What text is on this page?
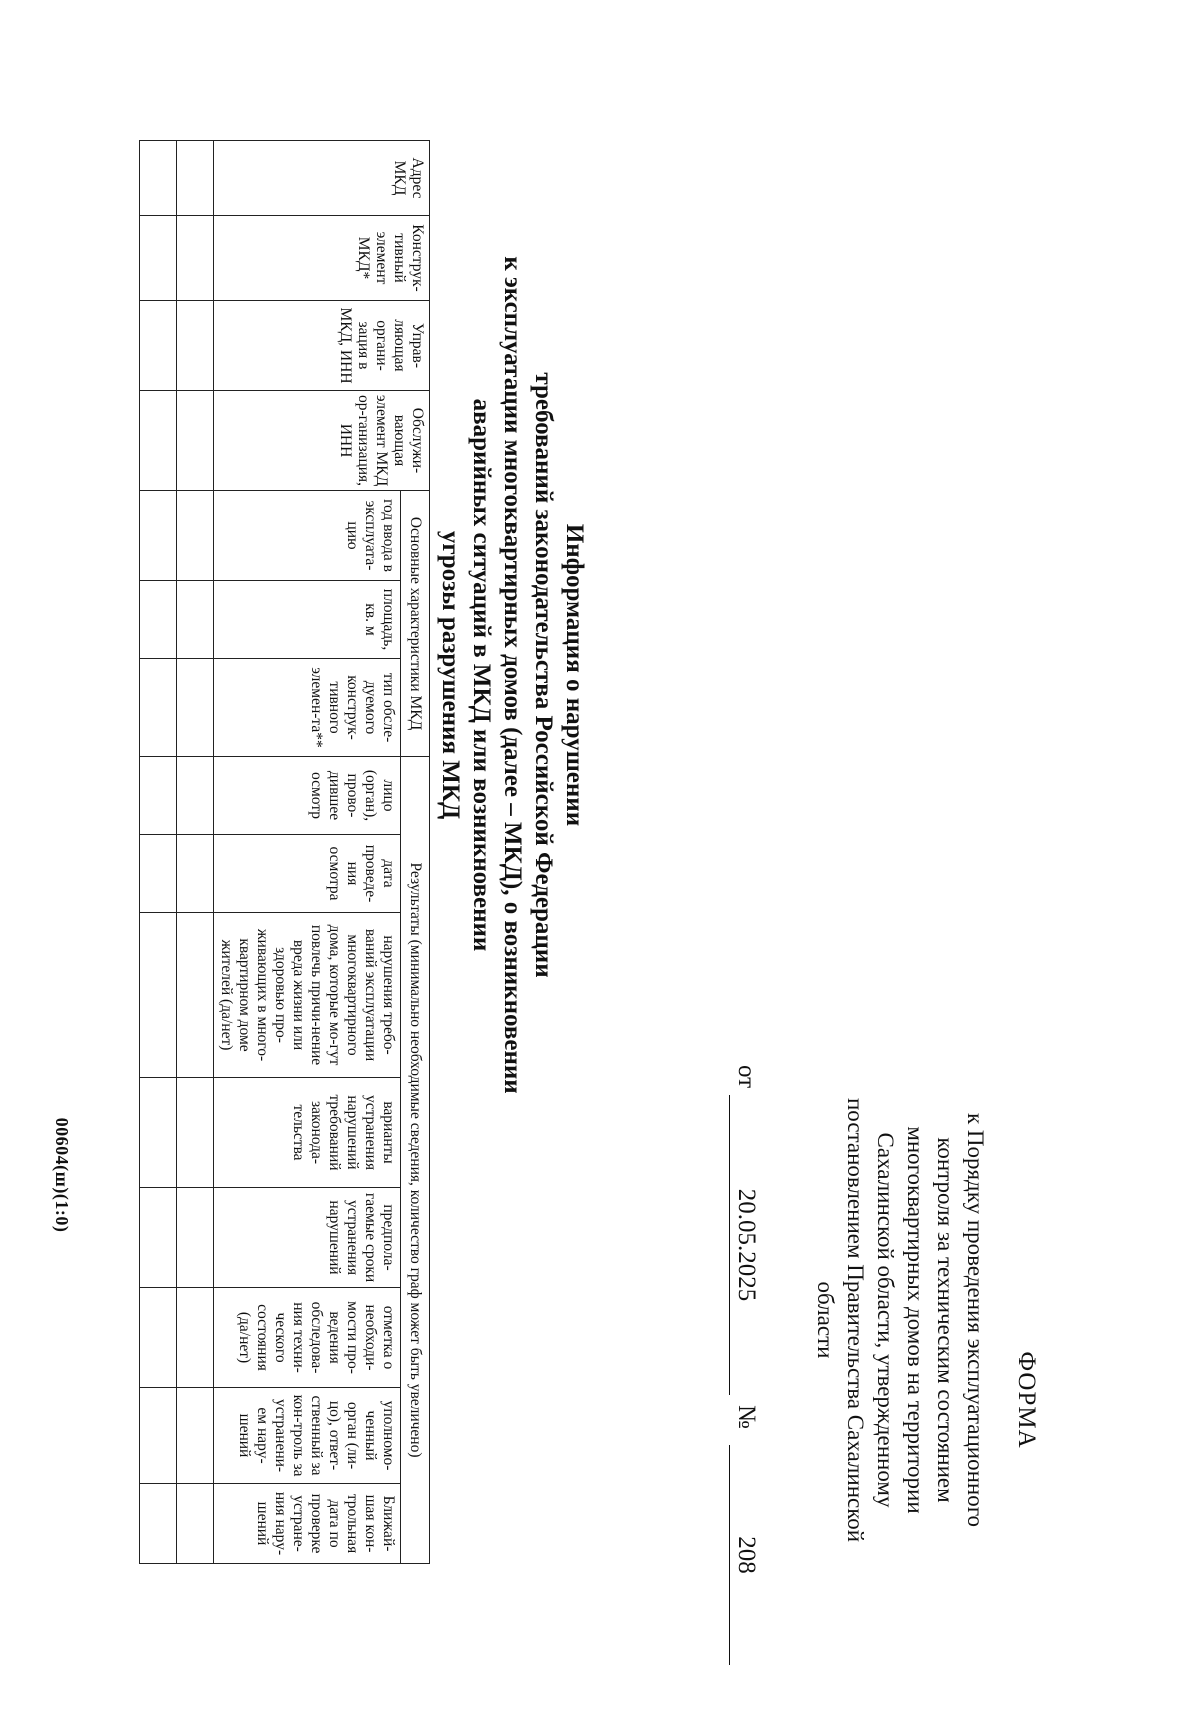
ФОРМА
к Порядку проведения эксплуатационного
контроля за техническим состоянием
многоквартирных домов на территории
Сахалинской области, утвержденному
постановлением Правительства Сахалинской
области
от
20.05.2025
№
208
Информация о нарушении
требований законодательства Российской Федерации
к эксплуатации многоквартирных домов (далее – МКД), о возникновении
аварийных ситуаций в МКД или возникновении
угрозы разрушения МКД
Адрес МКД	Конструк-тивный элемент МКД*	Управ-ляющая органи-зация в МКД, ИНН	Обслужи-вающая элемент МКД ор-ганизация, ИНН	Основные характеристики МКД			Результаты (минимально необходимые сведения, количество граф может быть увеличено)							
				год ввода в эксплуата-цию	площадь, кв. м	тип обсле-дуемого конструк-тивного элемен-та**	лицо (орган), прово-дившее осмотр	дата проведе-ния осмотра	нарушения требо-ваний эксплуатации многоквартирного дома, которые мо-гут повлечь причи-нение вреда жизни или здоровью про-живающих в много-квартирном доме жителей (да/нет)	варианты устранения нарушений требований законода-тельства	предпола-гаемые сроки устранения нарушений	отметка о необходи-мости про-ведения обследова-ния техни-ческого состояния (да/нет)	уполномо-ченный орган (ли-цо), ответ-ственный за кон-троль за устранени-ем нару-шений	Ближай-шая кон-трольная дата по проверке устране-ния нару-шений

00604(ш)(1:0)
